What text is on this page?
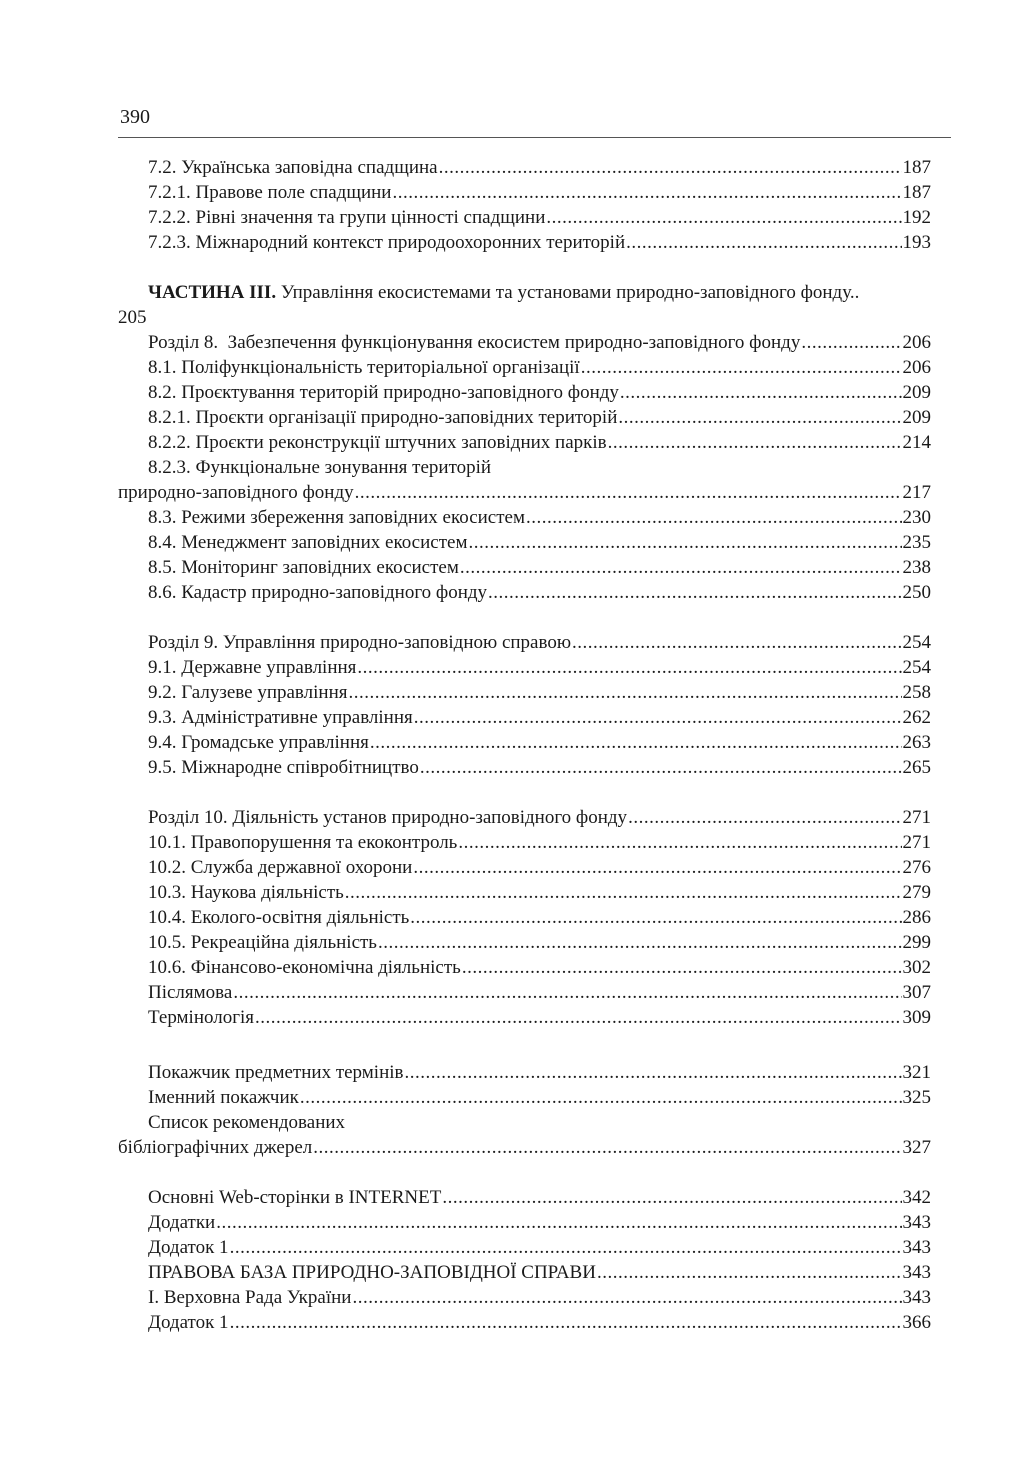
390
7.2. Українська заповідна спадщина .....	187
7.2.1. Правове поле спадщини .....	187
7.2.2. Рівні значення та групи цінності спадщини .....	192
7.2.3. Міжнародний контекст природоохоронних територій .....	193
ЧАСТИНА ІІІ. Управління екосистемами та установами природно-заповідного фонду..
205
Розділ 8.  Забезпечення функціонування екосистем природно-заповідного фонду .....	206
8.1. Поліфункціональність територіальної організації .....	206
8.2. Проєктування територій природно-заповідного фонду .....	209
8.2.1. Проєкти організації природно-заповідних територій .....	209
8.2.2. Проєкти реконструкції штучних заповідних парків .....	214
8.2.3. Функціональне зонування територій
природно-заповідного фонду .....	217
8.3. Режими збереження заповідних екосистем .....	230
8.4. Менеджмент заповідних екосистем .....	235
8.5. Моніторинг заповідних екосистем .....	238
8.6. Кадастр природно-заповідного фонду .....	250
Розділ 9. Управління природно-заповідною справою .....	254
9.1. Державне управління .....	254
9.2. Галузеве управління .....	258
9.3. Адміністративне управління .....	262
9.4. Громадське управління .....	263
9.5. Міжнародне співробітництво .....	265
Розділ 10. Діяльність установ природно-заповідного фонду .....	271
10.1. Правопорушення та екоконтроль .....	271
10.2. Служба державної охорони .....	276
10.3. Наукова діяльність .....	279
10.4. Еколого-освітня діяльність .....	286
10.5. Рекреаційна діяльність .....	299
10.6. Фінансово-економічна діяльність .....	302
Післямова .....	307
Термінологія .....	309
Покажчик предметних термінів .....	321
Іменний покажчик .....	325
Список рекомендованих
бібліографічних джерел .....	327
Основні Web-сторінки в INTERNET .....	342
Додатки .....	343
Додаток 1 .....	343
ПРАВОВА БАЗА ПРИРОДНО-ЗАПОВІДНОЇ СПРАВИ .....	343
І. Верховна Рада України .....	343
Додаток 1 .....	366
